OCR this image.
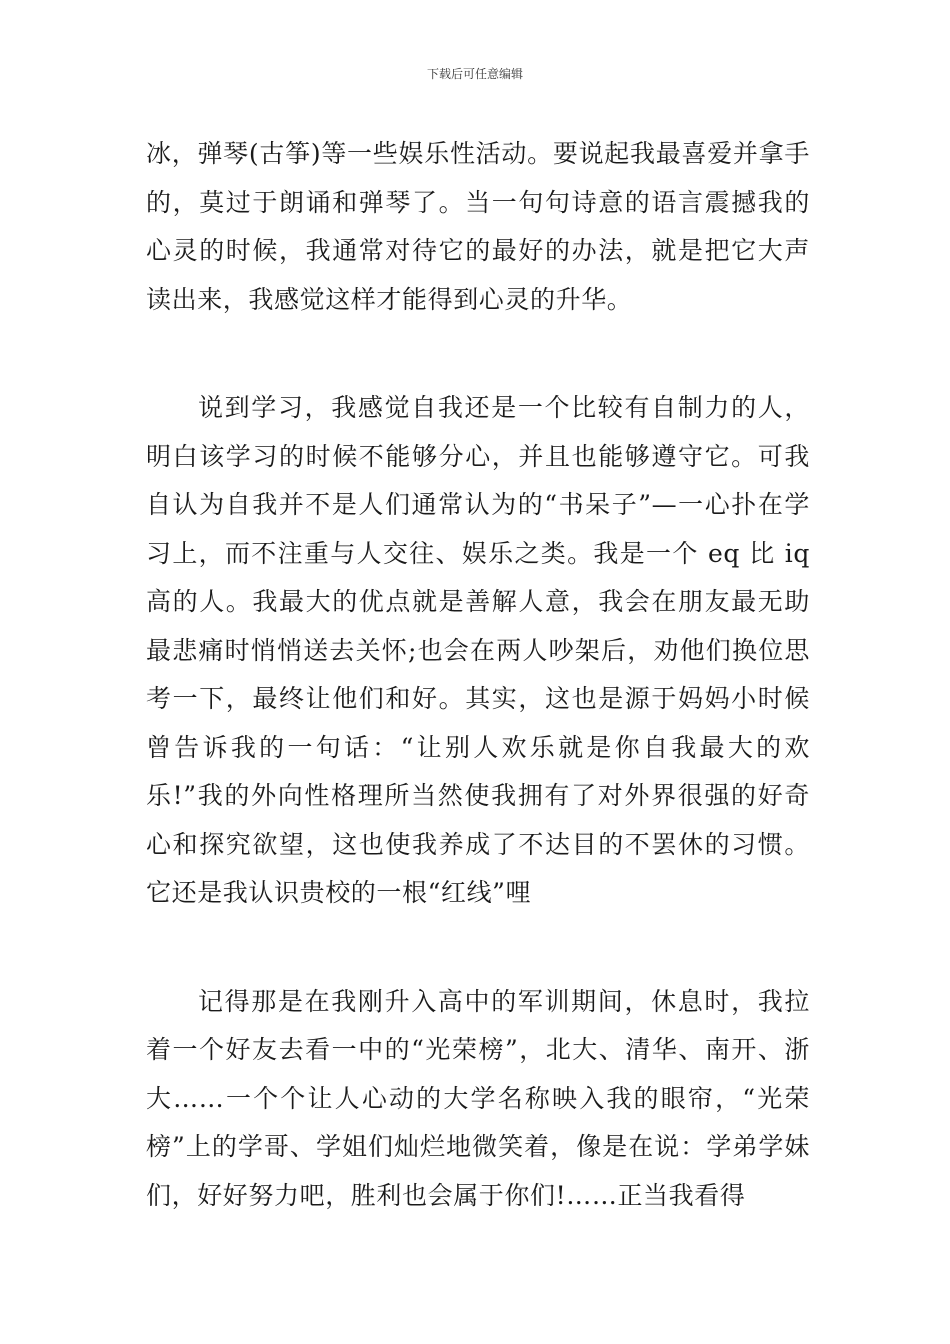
下载后可任意编辑

冰，弹琴(古筝)等一些娱乐性活动。要说起我最喜爱并拿手的，莫过于朗诵和弹琴了。当一句句诗意的语言震撼我的心灵的时候，我通常对待它的最好的办法，就是把它大声读出来，我感觉这样才能得到心灵的升华。

说到学习，我感觉自我还是一个比较有自制力的人，明白该学习的时候不能够分心，并且也能够遵守它。可我自认为自我并不是人们通常认为的“书呆子”—一心扑在学习上，而不注重与人交往、娱乐之类。我是一个 eq 比 iq 高的人。我最大的优点就是善解人意，我会在朋友最无助最悲痛时悄悄送去关怀;也会在两人吵架后，劝他们换位思考一下，最终让他们和好。其实，这也是源于妈妈小时候曾告诉我的一句话：“让别人欢乐就是你自我最大的欢乐!”我的外向性格理所当然使我拥有了对外界很强的好奇心和探究欲望，这也使我养成了不达目的不罢休的习惯。它还是我认识贵校的一根“红线”哩

记得那是在我刚升入高中的军训期间，休息时，我拉着一个好友去看一中的“光荣榜”，北大、清华、南开、浙大……一个个让人心动的大学名称映入我的眼帘，“光荣榜”上的学哥、学姐们灿烂地微笑着，像是在说：学弟学妹们，好好努力吧，胜利也会属于你们!……正当我看得
